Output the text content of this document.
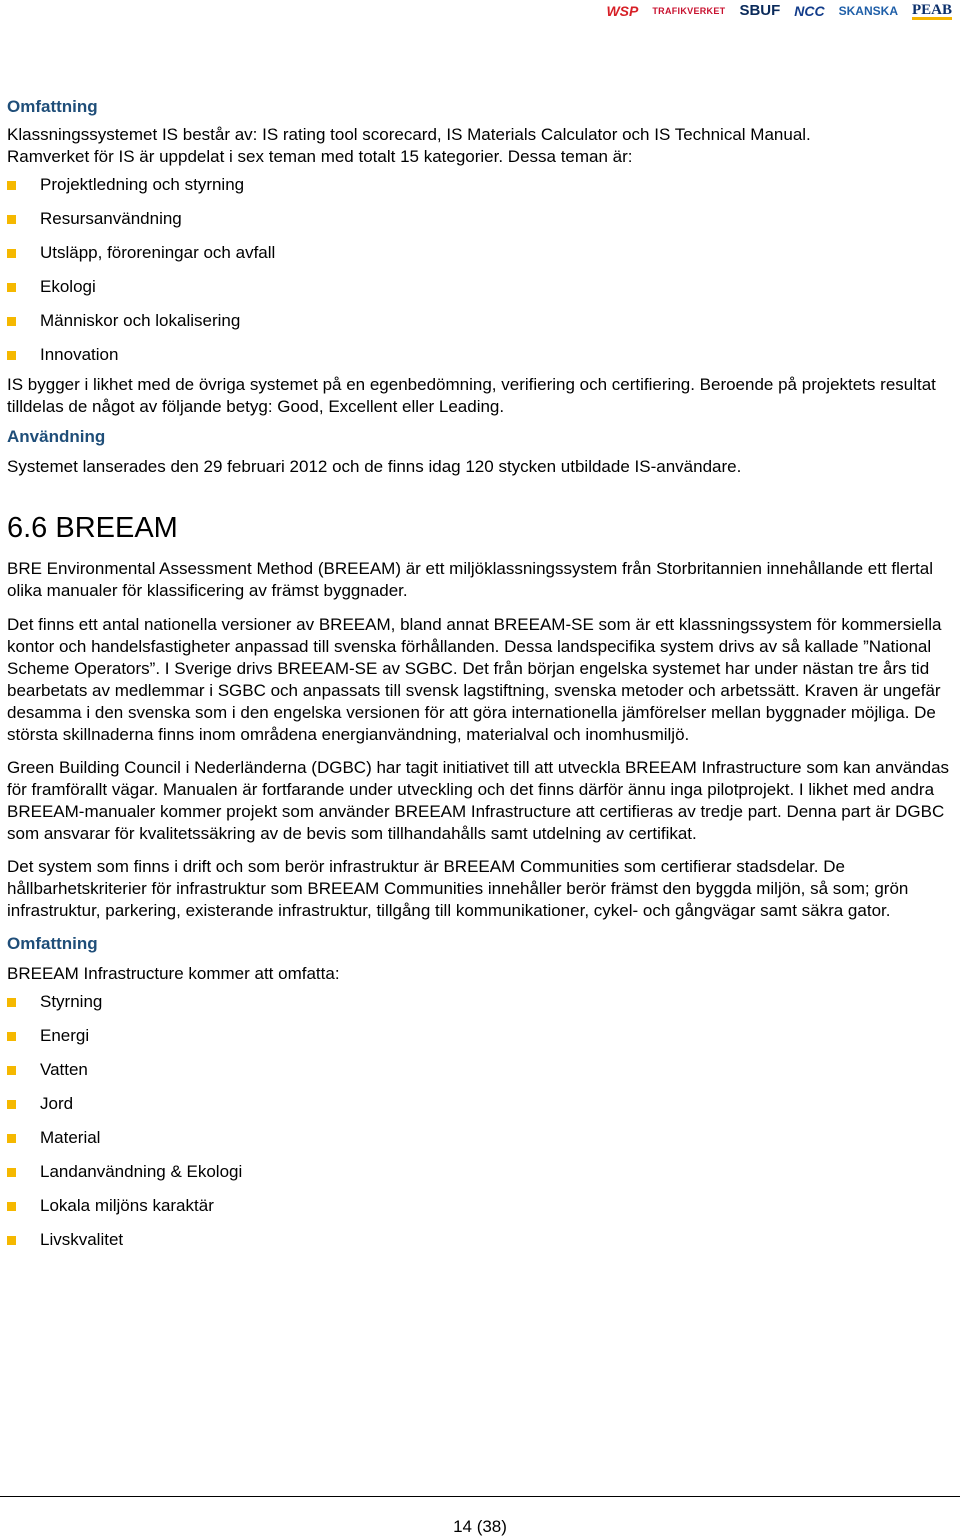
WSP TRAFIKVERKET SBUF NCC SKANSKA PEAB

Omfattning

Klassningssystemet IS består av: IS rating tool scorecard, IS Materials Calculator och IS Technical Manual.

Ramverket för IS är uppdelat i sex teman med totalt 15 kategorier. Dessa teman är:

Projektledning och styrning
Resursanvändning
Utsläpp, föroreningar och avfall
Ekologi
Människor och lokalisering
Innovation

IS bygger i likhet med de övriga systemet på en egenbedömning, verifiering och certifiering. Beroende på projektets resultat tilldelas de något av följande betyg: Good, Excellent eller Leading.

Användning

Systemet lanserades den 29 februari 2012 och de finns idag 120 stycken utbildade IS-användare.

6.6 BREEAM

BRE Environmental Assessment Method (BREEAM) är ett miljöklassningssystem från Storbritannien innehållande ett flertal olika manualer för klassificering av främst byggnader.

Det finns ett antal nationella versioner av BREEAM, bland annat BREEAM-SE som är ett klassningssystem för kommersiella kontor och handelsfastigheter anpassad till svenska förhållanden. Dessa landspecifika system drivs av så kallade ”National Scheme Operators”. I Sverige drivs BREEAM-SE av SGBC. Det från början engelska systemet har under nästan tre års tid bearbetats av medlemmar i SGBC och anpassats till svensk lagstiftning, svenska metoder och arbetssätt. Kraven är ungefär desamma i den svenska som i den engelska versionen för att göra internationella jämförelser mellan byggnader möjliga. De största skillnaderna finns inom områdena energianvändning, materialval och inomhusmiljö.

Green Building Council i Nederländerna (DGBC) har tagit initiativet till att utveckla BREEAM Infrastructure som kan användas för framförallt vägar. Manualen är fortfarande under utveckling och det finns därför ännu inga pilotprojekt. I likhet med andra BREEAM-manualer kommer projekt som använder BREEAM Infrastructure att certifieras av tredje part. Denna part är DGBC som ansvarar för kvalitetssäkring av de bevis som tillhandahålls samt utdelning av certifikat.

Det system som finns i drift och som berör infrastruktur är BREEAM Communities som certifierar stadsdelar. De hållbarhetskriterier för infrastruktur som BREEAM Communities innehåller berör främst den byggda miljön, så som; grön infrastruktur, parkering, existerande infrastruktur, tillgång till kommunikationer, cykel- och gångvägar samt säkra gator.

Omfattning

BREEAM Infrastructure kommer att omfatta:

Styrning
Energi
Vatten
Jord
Material
Landanvändning & Ekologi
Lokala miljöns karaktär
Livskvalitet
14 (38)
